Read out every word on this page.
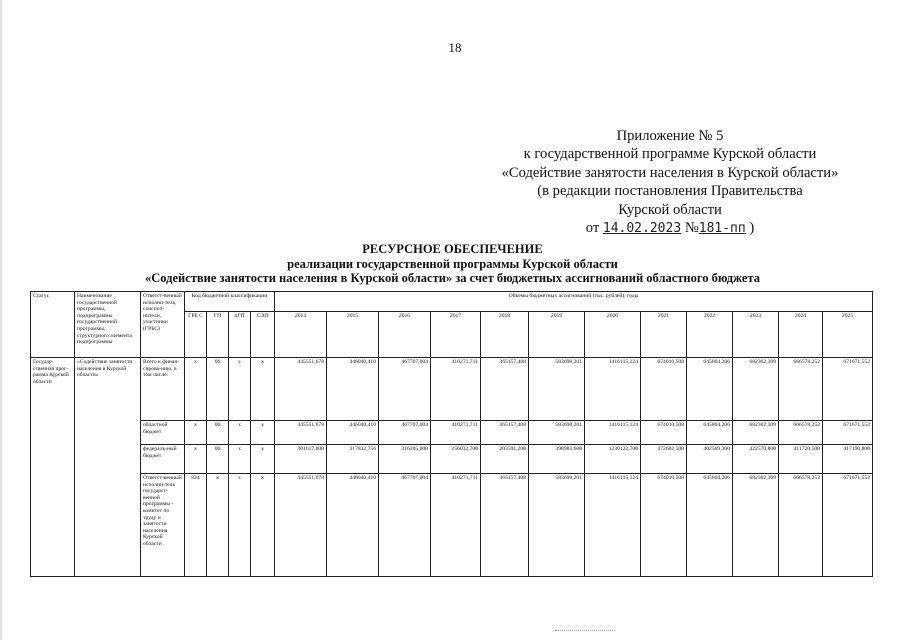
18
Приложение № 5
к государственной программе Курской области
«Содействие занятости населения в Курской области»
(в редакции постановления Правительства
Курской области
от 14.02.2023 №181-пп )
РЕСУРСНОЕ ОБЕСПЕЧЕНИЕ
реализации государственной программы Курской области
«Содействие занятости населения в Курской области» за счет бюджетных ассигнований областного бюджета
Статус	Наименование государственной программы, подпрограммы государственной программы, структурного элемента подпрограммы	Ответст-венный исполни-тель, соиспол-нители, участники (ГРБС)	Код бюджетной классификации				Объемы бюджетных ассигнований (тыс. рублей), годы											
			ГРБ С	ГП	пГП	СЭП	2014	2015	2016	2017	2018	2019	2020	2021	2022	2023	2024	2025
Государ-ственная прог-рамма Курской области	«Содействие занятости населения в Курской области»	Всего к финан-сирова-нию, в том числе:	x	06	x	x	445551,678	446040,410	467707,004	410271,711	365157,408	583698,201	1416115,124	674010,508	645804,206	682302,309	666578,252	671671,552
		областной бюджет	x	06	x	x	445551,678	446040,410	467707,004	410271,711	365157,408	583698,201	1416115,124	674010,508	645804,206	682302,309	666578,252	671671,552
		федераль-ный бюджет	x	06	x	x	301617,800	317832,756	316205,000	256032,700	203591,200	398983,600	1230122,700	472602,500	402569,300	422570,800	411720,500	417190,800
		Ответст-венный исполни-тель государст-венной программы - комитет по труду и занятости населения Курской области	824	x	x	x	445551,678	446040,410	467707,004	410271,711	365157,408	583698,201	1416115,124	674010,508	645804,206	682302,309	666578,252	671671,552
